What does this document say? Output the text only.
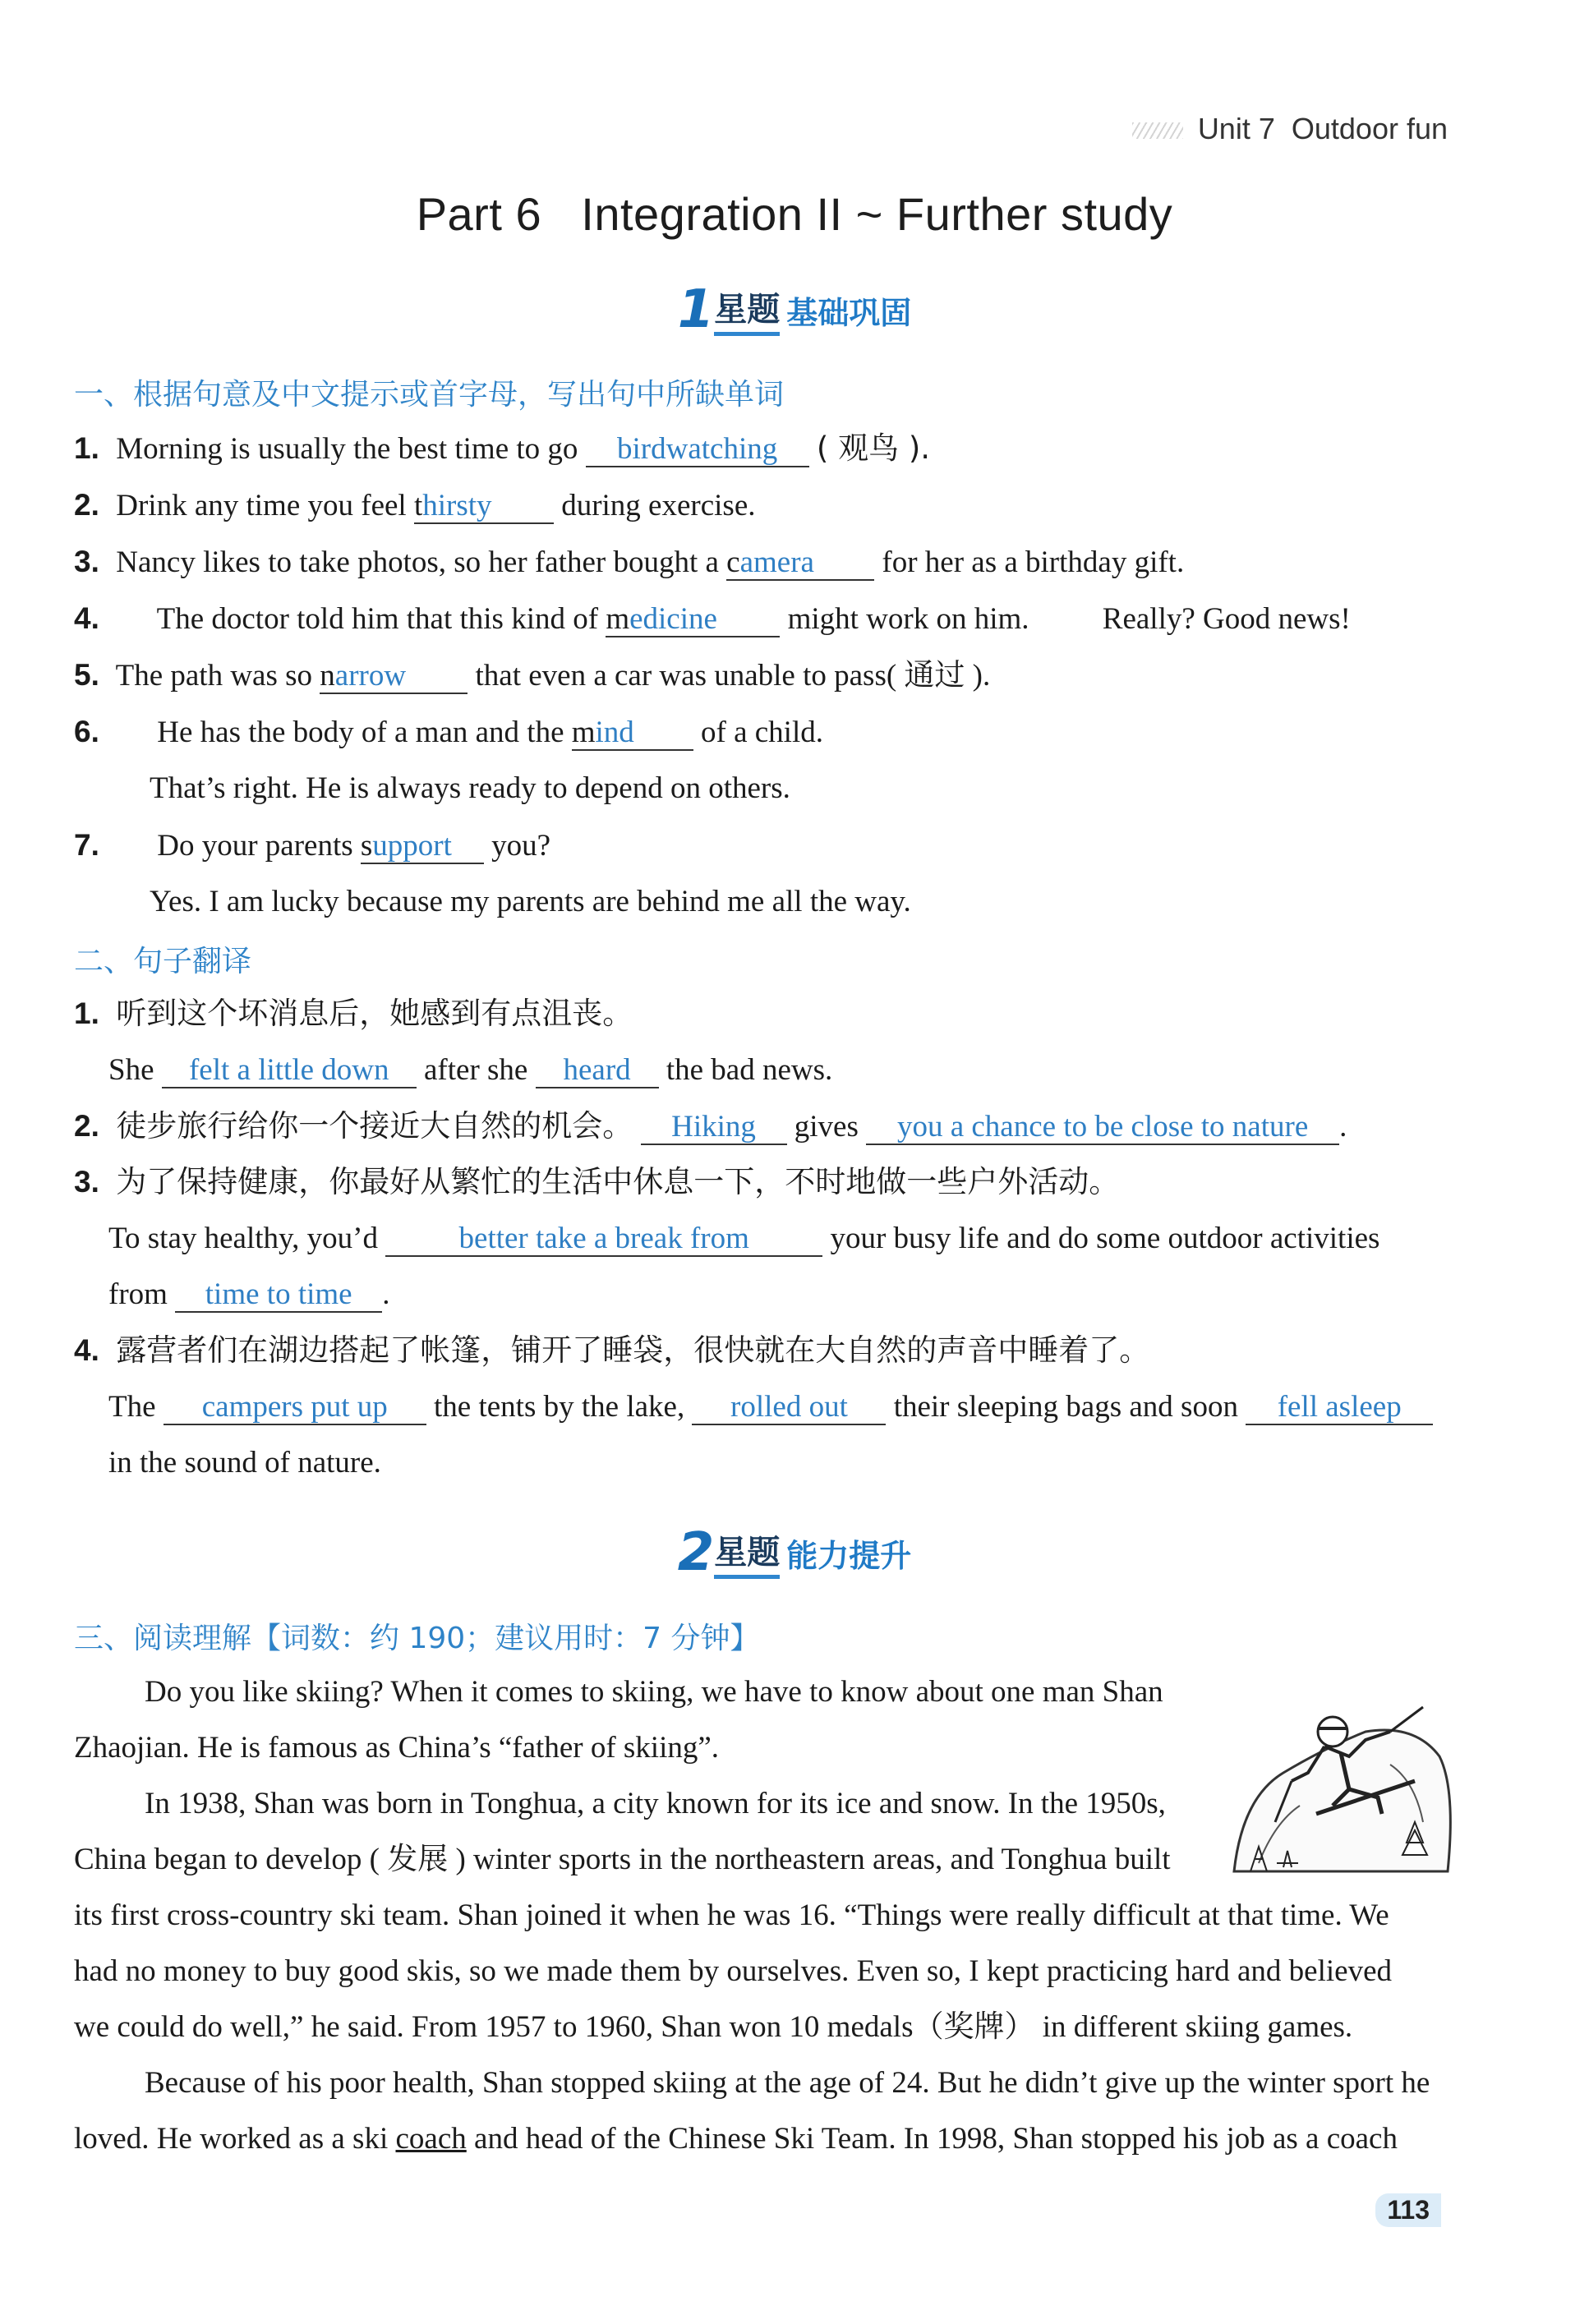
Unit 7 Outdoor fun
Part 6   Integration II ~ Further study
1星题 基础巩固
一、根据句意及中文提示或首字母，写出句中所缺单词
1. Morning is usually the best time to go birdwatching ( 观鸟 ).
2. Drink any time you feel thirsty during exercise.
3. Nancy likes to take photos, so her father bought a camera for her as a birthday gift.
4. The doctor told him that this kind of medicine might work on him. Really? Good news!
5. The path was so narrow that even a car was unable to pass( 通过 ).
6. He has the body of a man and the mind of a child.
That’s right. He is always ready to depend on others.
7. Do your parents support you?
Yes. I am lucky because my parents are behind me all the way.
二、句子翻译
1. 听到这个坏消息后，她感到有点沮丧。
She felt a little down after she heard the bad news.
2. 徒步旅行给你一个接近大自然的机会。 Hiking gives you a chance to be close to nature .
3. 为了保持健康，你最好从繁忙的生活中休息一下，不时地做一些户外活动。
To stay healthy, you’d	better take a break from	your busy life and do some outdoor activities
from time to time .
4. 露营者们在湖边搭起了帐篷，铺开了睡袋，很快就在大自然的声音中睡着了。
The campers put up the tents by the lake, rolled out their sleeping bags and soon fell asleep
in the sound of nature.
2星题 能力提升
三、阅读理解【词数：约 190；建议用时：7 分钟】
Do you like skiing? When it comes to skiing, we have to know about one man Shan
Zhaojian. He is famous as China’s “father of skiing”.
In 1938, Shan was born in Tonghua, a city known for its ice and snow. In the 1950s,
China began to develop ( 发展 ) winter sports in the northeastern areas, and Tonghua built
its first cross-country ski team. Shan joined it when he was 16. “Things were really difficult at that time. We
had no money to buy good skis, so we made them by ourselves. Even so, I kept practicing hard and believed
we could do well,” he said. From 1957 to 1960, Shan won 10 medals（奖牌） in different skiing games.
Because of his poor health, Shan stopped skiing at the age of 24. But he didn’t give up the winter sport he
loved. He worked as a ski coach and head of the Chinese Ski Team. In 1998, Shan stopped his job as a coach
113
